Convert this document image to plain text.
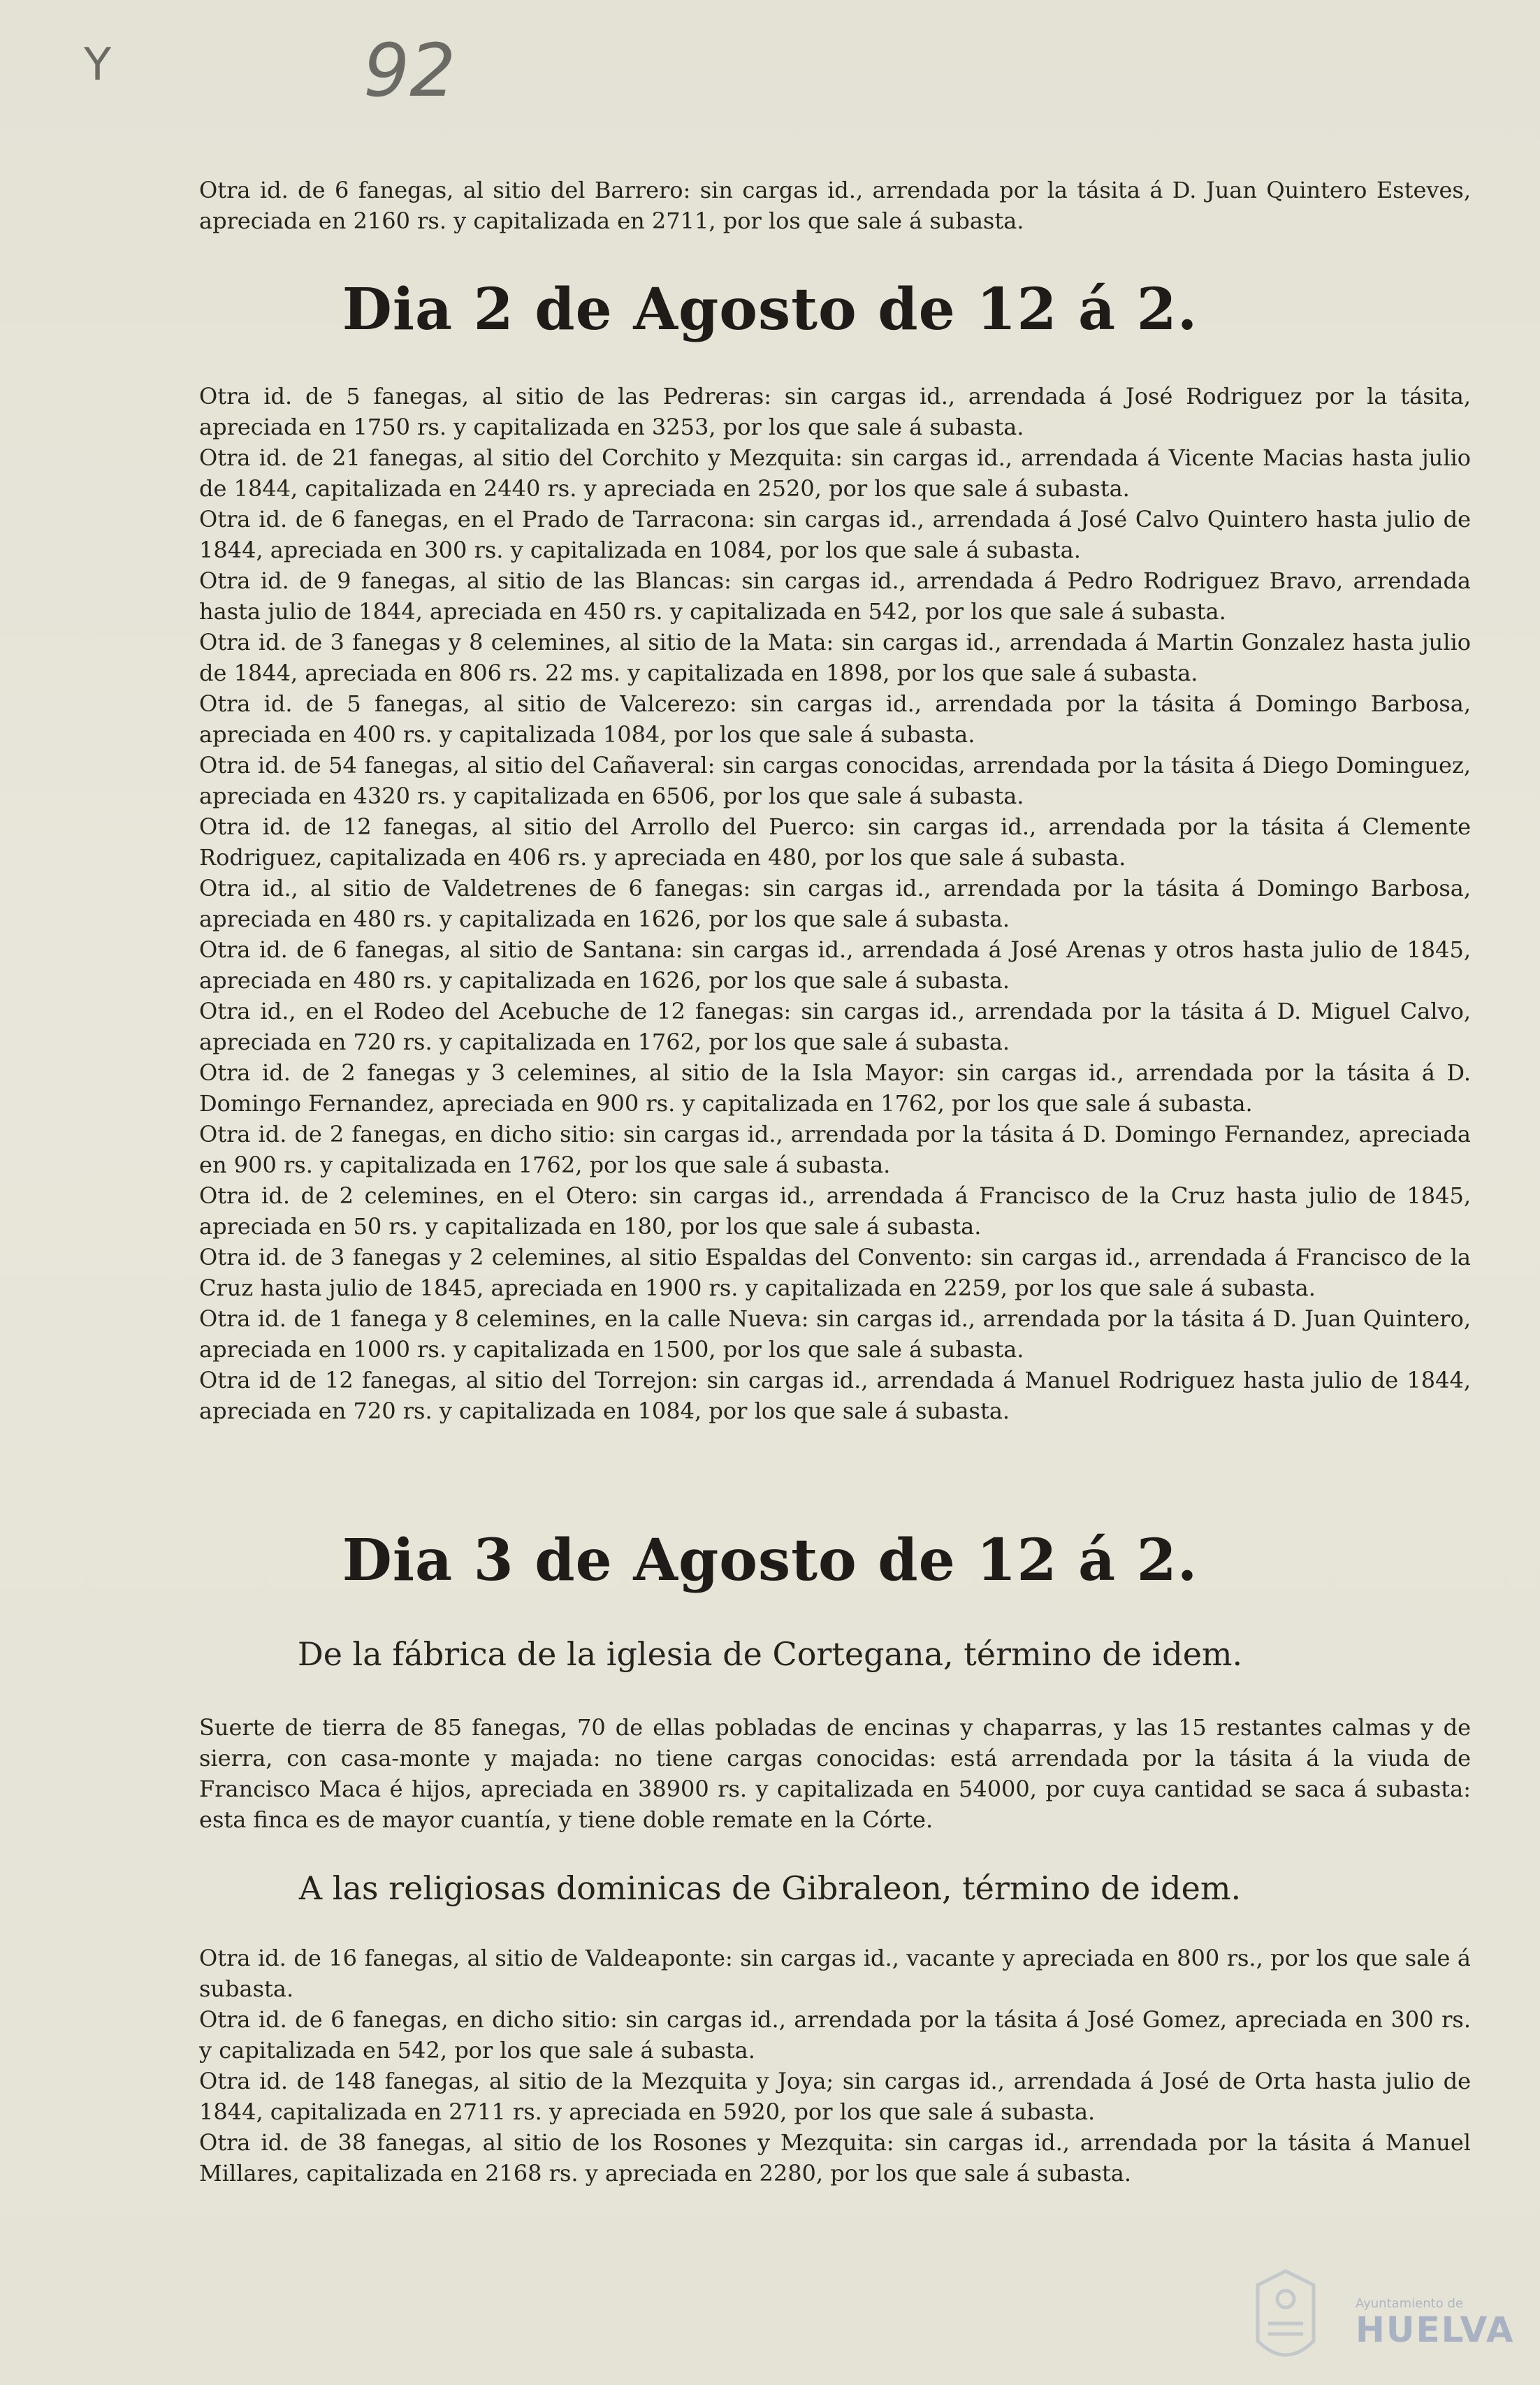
Y	92

Otra id. de 6 fanegas, al sitio del Barrero: sin cargas id., arrendada por la tásita á D. Juan Quintero Esteves, apreciada en 2160 rs. y capitalizada en 2711, por los que sale á subasta.

Dia 2 de Agosto de 12 á 2.

Otra id. de 5 fanegas, al sitio de las Pedreras: sin cargas id., arrendada á José Rodriguez por la tásita, apreciada en 1750 rs. y capitalizada en 3253, por los que sale á subasta.

Otra id. de 21 fanegas, al sitio del Corchito y Mezquita: sin cargas id., arrendada á Vicente Macias hasta julio de 1844, capitalizada en 2440 rs. y apreciada en 2520, por los que sale á subasta.

Otra id. de 6 fanegas, en el Prado de Tarracona: sin cargas id., arrendada á José Calvo Quintero hasta julio de 1844, apreciada en 300 rs. y capitalizada en 1084, por los que sale á subasta.

Otra id. de 9 fanegas, al sitio de las Blancas: sin cargas id., arrendada á Pedro Rodriguez Bravo, arrendada hasta julio de 1844, apreciada en 450 rs. y capitalizada en 542, por los que sale á subasta.

Otra id. de 3 fanegas y 8 celemines, al sitio de la Mata: sin cargas id., arrendada á Martin Gonzalez hasta julio de 1844, apreciada en 806 rs. 22 ms. y capitalizada en 1898, por los que sale á subasta.

Otra id. de 5 fanegas, al sitio de Valcerezo: sin cargas id., arrendada por la tásita á Domingo Barbosa, apreciada en 400 rs. y capitalizada 1084, por los que sale á subasta.

Otra id. de 54 fanegas, al sitio del Cañaveral: sin cargas conocidas, arrendada por la tásita á Diego Dominguez, apreciada en 4320 rs. y capitalizada en 6506, por los que sale á subasta.

Otra id. de 12 fanegas, al sitio del Arrollo del Puerco: sin cargas id., arrendada por la tásita á Clemente Rodriguez, capitalizada en 406 rs. y apreciada en 480, por los que sale á subasta.

Otra id., al sitio de Valdetrenes de 6 fanegas: sin cargas id., arrendada por la tásita á Domingo Barbosa, apreciada en 480 rs. y capitalizada en 1626, por los que sale á subasta.

Otra id. de 6 fanegas, al sitio de Santana: sin cargas id., arrendada á José Arenas y otros hasta julio de 1845, apreciada en 480 rs. y capitalizada en 1626, por los que sale á subasta.

Otra id., en el Rodeo del Acebuche de 12 fanegas: sin cargas id., arrendada por la tásita á D. Miguel Calvo, apreciada en 720 rs. y capitalizada en 1762, por los que sale á subasta.

Otra id. de 2 fanegas y 3 celemines, al sitio de la Isla Mayor: sin cargas id., arrendada por la tásita á D. Domingo Fernandez, apreciada en 900 rs. y capitalizada en 1762, por los que sale á subasta.

Otra id. de 2 fanegas, en dicho sitio: sin cargas id., arrendada por la tásita á D. Domingo Fernandez, apreciada en 900 rs. y capitalizada en 1762, por los que sale á subasta.

Otra id. de 2 celemines, en el Otero: sin cargas id., arrendada á Francisco de la Cruz hasta julio de 1845, apreciada en 50 rs. y capitalizada en 180, por los que sale á subasta.

Otra id. de 3 fanegas y 2 celemines, al sitio Espaldas del Convento: sin cargas id., arrendada á Francisco de la Cruz hasta julio de 1845, apreciada en 1900 rs. y capitalizada en 2259, por los que sale á subasta.

Otra id. de 1 fanega y 8 celemines, en la calle Nueva: sin cargas id., arrendada por la tásita á D. Juan Quintero, apreciada en 1000 rs. y capitalizada en 1500, por los que sale á subasta.

Otra id de 12 fanegas, al sitio del Torrejon: sin cargas id., arrendada á Manuel Rodriguez hasta julio de 1844, apreciada en 720 rs. y capitalizada en 1084, por los que sale á subasta.

Dia 3 de Agosto de 12 á 2.
De la fábrica de la iglesia de Cortegana, término de idem.

Suerte de tierra de 85 fanegas, 70 de ellas pobladas de encinas y chaparras, y las 15 restantes calmas y de sierra, con casa-monte y majada: no tiene cargas conocidas: está arrendada por la tásita á la viuda de Francisco Maca é hijos, apreciada en 38900 rs. y capitalizada en 54000, por cuya cantidad se saca á subasta: esta finca es de mayor cuantía, y tiene doble remate en la Córte.

A las religiosas dominicas de Gibraleon, término de idem.

Otra id. de 16 fanegas, al sitio de Valdeaponte: sin cargas id., vacante y apreciada en 800 rs., por los que sale á subasta.

Otra id. de 6 fanegas, en dicho sitio: sin cargas id., arrendada por la tásita á José Gomez, apreciada en 300 rs. y capitalizada en 542, por los que sale á subasta.

Otra id. de 148 fanegas, al sitio de la Mezquita y Joya; sin cargas id., arrendada á José de Orta hasta julio de 1844, capitalizada en 2711 rs. y apreciada en 5920, por los que sale á subasta.

Otra id. de 38 fanegas, al sitio de los Rosones y Mezquita: sin cargas id., arrendada por la tásita á Manuel Millares, capitalizada en 2168 rs. y apreciada en 2280, por los que sale á subasta.

Ayuntamiento de
HUELVA
